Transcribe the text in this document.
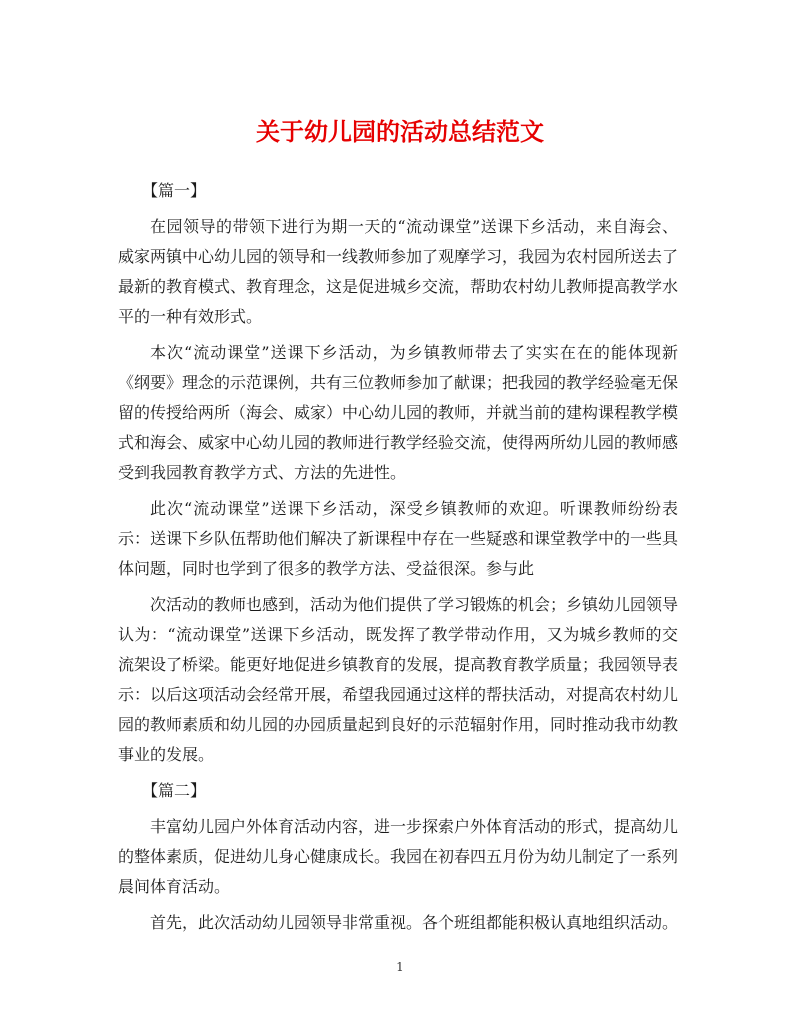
关于幼儿园的活动总结范文
【篇一】

在园领导的带领下进行为期一天的“流动课堂”送课下乡活动，来自海会、威家两镇中心幼儿园的领导和一线教师参加了观摩学习，我园为农村园所送去了最新的教育模式、教育理念，这是促进城乡交流，帮助农村幼儿教师提高教学水平的一种有效形式。

本次“流动课堂”送课下乡活动，为乡镇教师带去了实实在在的能体现新《纲要》理念的示范课例，共有三位教师参加了献课；把我园的教学经验毫无保留的传授给两所（海会、威家）中心幼儿园的教师，并就当前的建构课程教学模式和海会、威家中心幼儿园的教师进行教学经验交流，使得两所幼儿园的教师感受到我园教育教学方式、方法的先进性。

此次“流动课堂”送课下乡活动，深受乡镇教师的欢迎。听课教师纷纷表示：送课下乡队伍帮助他们解决了新课程中存在一些疑惑和课堂教学中的一些具体问题，同时也学到了很多的教学方法、受益很深。参与此

次活动的教师也感到，活动为他们提供了学习锻炼的机会；乡镇幼儿园领导认为：“流动课堂”送课下乡活动，既发挥了教学带动作用，又为城乡教师的交流架设了桥梁。能更好地促进乡镇教育的发展，提高教育教学质量；我园领导表示：以后这项活动会经常开展，希望我园通过这样的帮扶活动，对提高农村幼儿园的教师素质和幼儿园的办园质量起到良好的示范辐射作用，同时推动我市幼教事业的发展。

【篇二】

丰富幼儿园户外体育活动内容，进一步探索户外体育活动的形式，提高幼儿的整体素质，促进幼儿身心健康成长。我园在初春四五月份为幼儿制定了一系列晨间体育活动。

首先，此次活动幼儿园领导非常重视。各个班组都能积极认真地组织活动。

1
